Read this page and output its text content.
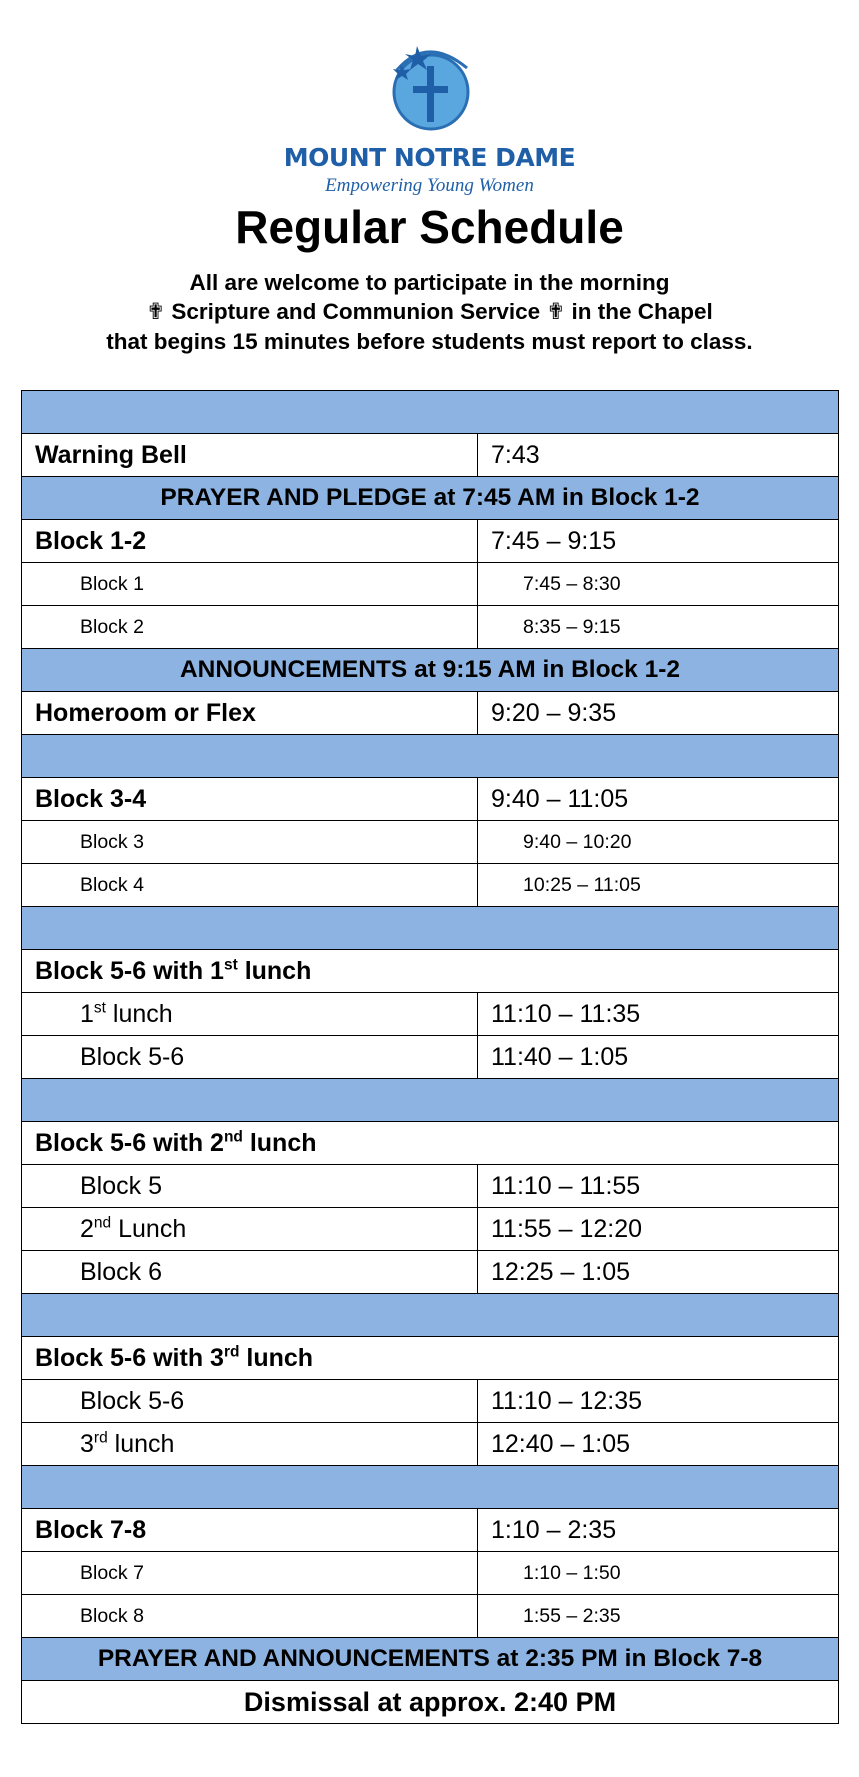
MOUNT NOTRE DAME
Empowering Young Women
Regular Schedule
All are welcome to participate in the morning
✟ Scripture and Communion Service ✟ in the Chapel
that begins 15 minutes before students must report to class.

Warning Bell	7:43
PRAYER AND PLEDGE at 7:45 AM in Block 1-2	
Block 1-2	7:45 – 9:15
Block 1	7:45 – 8:30
Block 2	8:35 – 9:15
ANNOUNCEMENTS at 9:15 AM in Block 1-2	
Homeroom or Flex	9:20 – 9:35

Block 3-4	9:40 – 11:05
Block 3	9:40 – 10:20
Block 4	10:25 – 11:05

Block 5-6 with 1st lunch	
1st lunch	11:10 – 11:35
Block 5-6	11:40 – 1:05

Block 5-6 with 2nd lunch	
Block 5	11:10 – 11:55
2nd Lunch	11:55 – 12:20
Block 6	12:25 – 1:05

Block 5-6 with 3rd lunch	
Block 5-6	11:10 – 12:35
3rd lunch	12:40 – 1:05

Block 7-8	1:10 – 2:35
Block 7	1:10 – 1:50
Block 8	1:55 – 2:35
PRAYER AND ANNOUNCEMENTS at 2:35 PM in Block 7-8	
Dismissal at approx. 2:40 PM	
